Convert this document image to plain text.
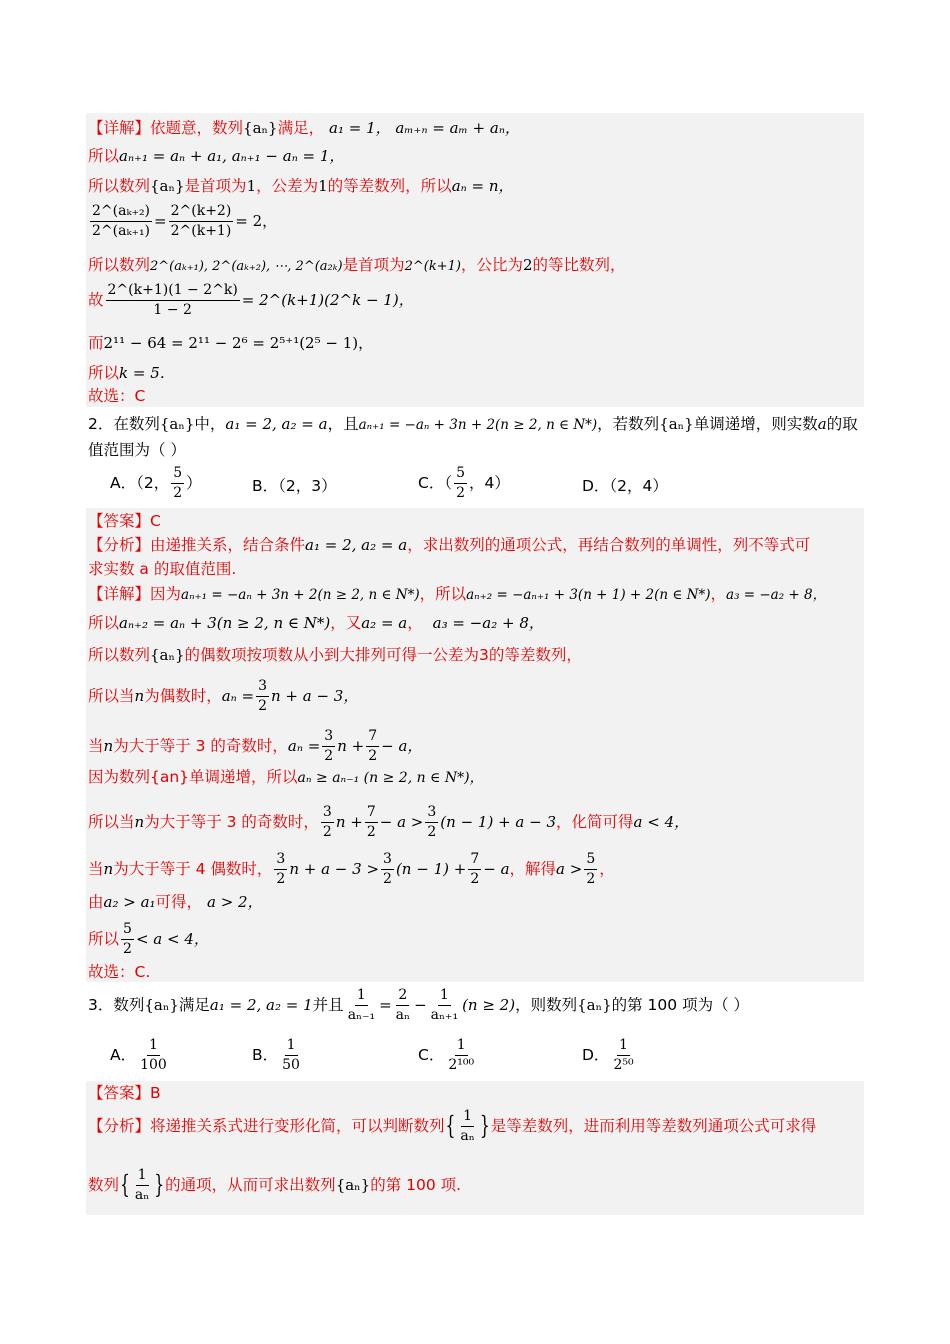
【详解】依题意，数列{aₙ}满足， a₁ = 1， aₘ₊ₙ = aₘ + aₙ，
所以aₙ₊₁ = aₙ + a₁, aₙ₊₁ − aₙ = 1，
所以数列{aₙ}是首项为1，公差为1的等差数列，所以aₙ = n，
$\frac{\text{2\textasciicircum{}(aₖ₊₂)}}{\text{2\textasciicircum{}(aₖ₊₁)}} = \frac{2\^{}(k+2)}{2\^{}(k+1)} = 2$，
所以数列2^(aₖ₊₁), 2^(aₖ₊₂), ⋯, 2^(a₂ₖ)是首项为2^(k+1)，公比为2的等比数列，
故 $\frac{2\^{}(k+1)(1 - 2\^{}k)}{1 - 2}$ = 2^(k+1)(2^k − 1)，
而2¹¹ − 64 = 2¹¹ − 2⁶ = 2⁵⁺¹(2⁵ − 1)，
所以k = 5．
故选：C
2．在数列{aₙ}中，a₁ = 2, a₂ = a，且aₙ₊₁ = −aₙ + 3n + 2(n ≥ 2, n ∈ N*)，若数列{aₙ}单调递增，则实数a的取
值范围为（ ）
A．（2， $\frac{5}{2}$ ）	B．（2，3）	C．（ $\frac{5}{2}$ ，4）	D．（2，4）
【答案】C
【分析】由递推关系，结合条件a₁ = 2, a₂ = a，求出数列的通项公式，再结合数列的单调性，列不等式可
求实数 a 的取值范围.
【详解】因为aₙ₊₁ = −aₙ + 3n + 2(n ≥ 2, n ∈ N*)，所以aₙ₊₂ = −aₙ₊₁ + 3(n + 1) + 2(n ∈ N*)，a₃ = −a₂ + 8，
所以aₙ₊₂ = aₙ + 3(n ≥ 2, n ∈ N*)，又a₂ = a， a₃ = −a₂ + 8，
所以数列{aₙ}的偶数项按项数从小到大排列可得一公差为3的等差数列，
所以当n为偶数时，$a_n = \frac{3}{2}$ n + a − 3，
当n为大于等于 3 的奇数时，$a_n = \frac{3}{2}$ $n + \frac{7}{2} - a$，
因为数列{an}单调递增，所以aₙ ≥ aₙ₋₁ (n ≥ 2, n ∈ N*)，
所以当n为大于等于 3 的奇数时， $\frac{3}{2}$ $n + \frac{7}{2} - a > \frac{3}{2} (n - 1) + a - 3$，化简可得a < 4，
当n为大于等于 4 偶数时， $\frac{3}{2}$ $n + a - 3 > \frac{3}{2} (n - 1) + \frac{7}{2} - a$，解得$a > \frac{5}{2}$ ，
由a₂ > a₁可得， a > 2，
所以 $\frac{5}{2} < a < 4$，
故选：C.
3．数列{aₙ}满足a₁ = 2, a₂ = 1并且 $\frac{1}{\text{aₙ₋₁}} = \frac{2}{\text{aₙ}} - \frac{1}{\text{aₙ₊₁}} (n \ge 2)$，则数列{aₙ}的第 100 项为（ ）
A． $\frac{1}{100}$	B． $\frac{1}{50}$	C． $\frac{1}{\text{2¹⁰⁰}}$	D． $\frac{1}{\text{2⁵⁰}}$
【答案】B
【分析】将递推关系式进行变形化简，可以判断数列{ $\frac{1}{\text{aₙ}}$ }是等差数列，进而利用等差数列通项公式可求得
数列{ $\frac{1}{\text{aₙ}}$ }的通项，从而可求出数列{aₙ}的第 100 项.
